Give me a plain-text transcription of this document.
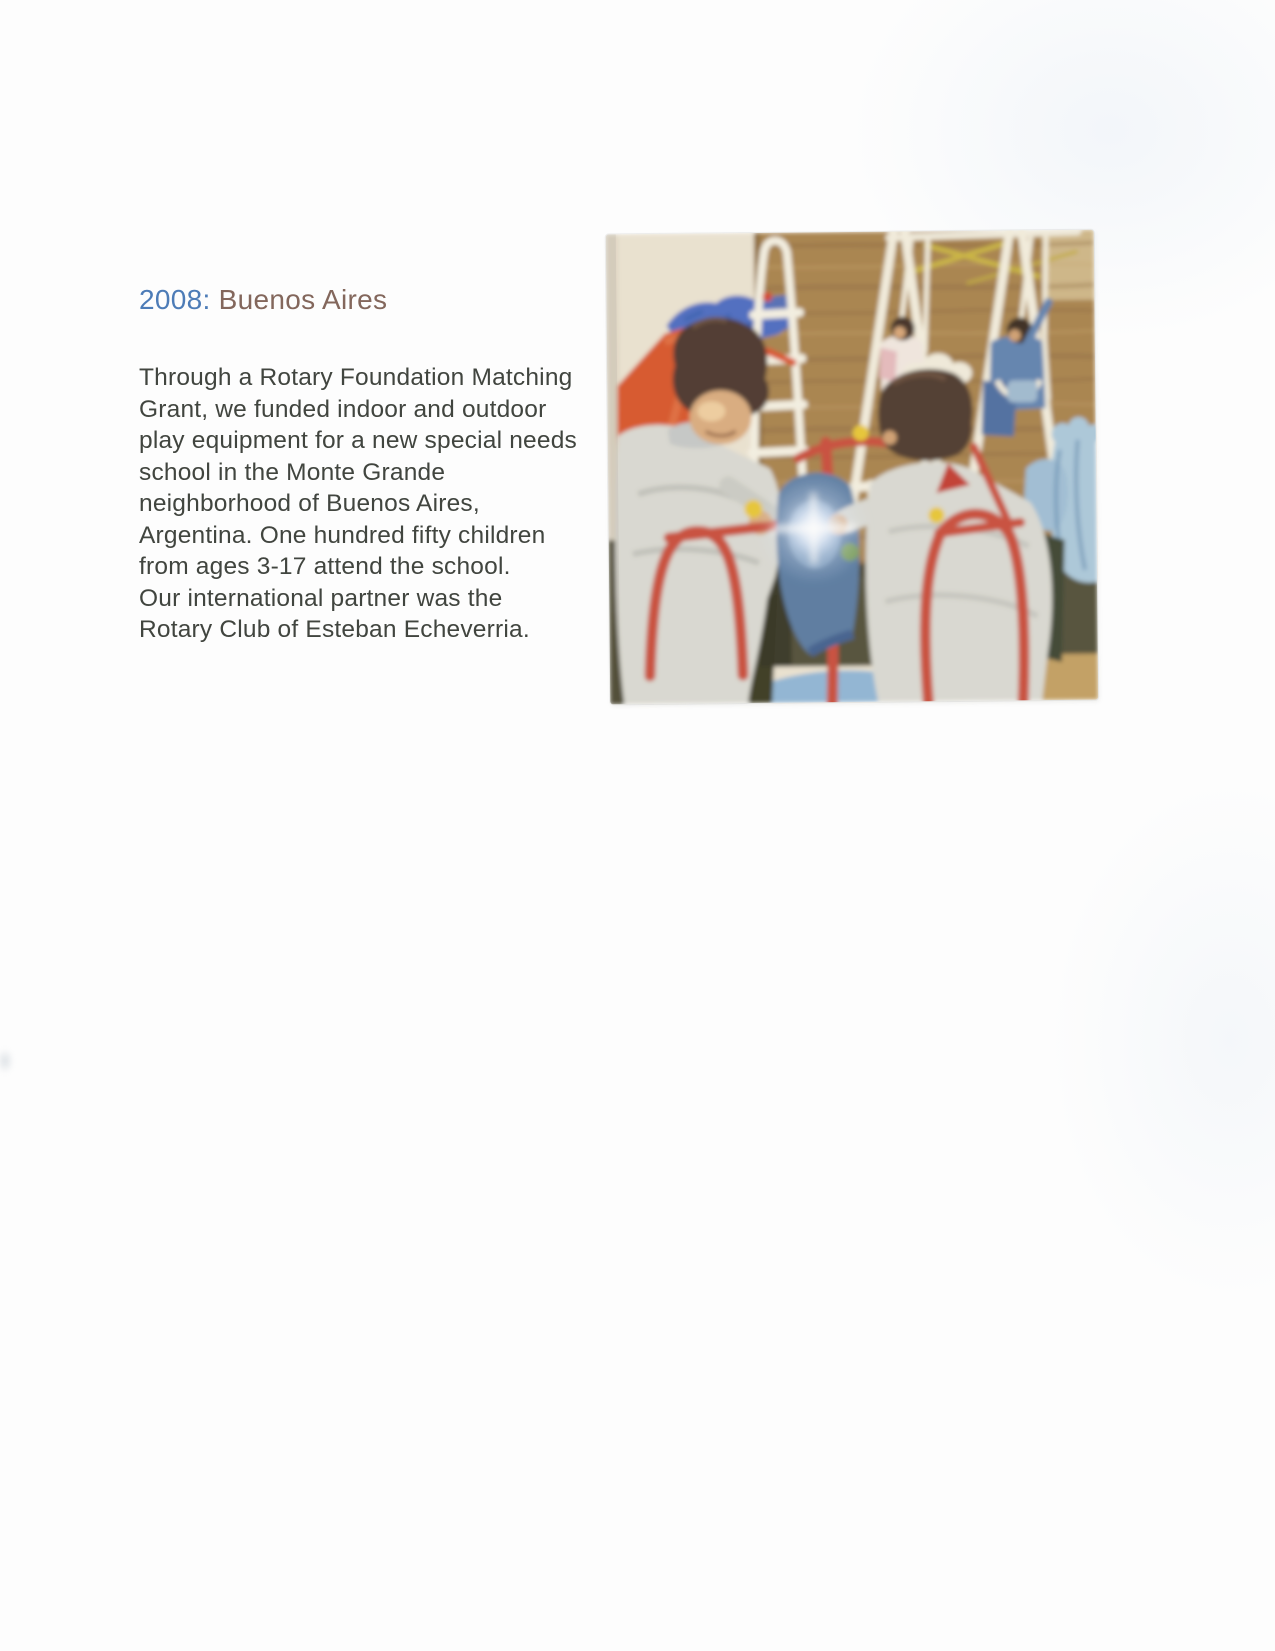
2008: Buenos Aires

Through a Rotary Foundation Matching
Grant, we funded indoor and outdoor
play equipment for a new special needs
school in the Monte Grande
neighborhood of Buenos Aires,
Argentina. One hundred fifty children
from ages 3-17 attend the school.
Our international partner was the
Rotary Club of Esteban Echeverria.
